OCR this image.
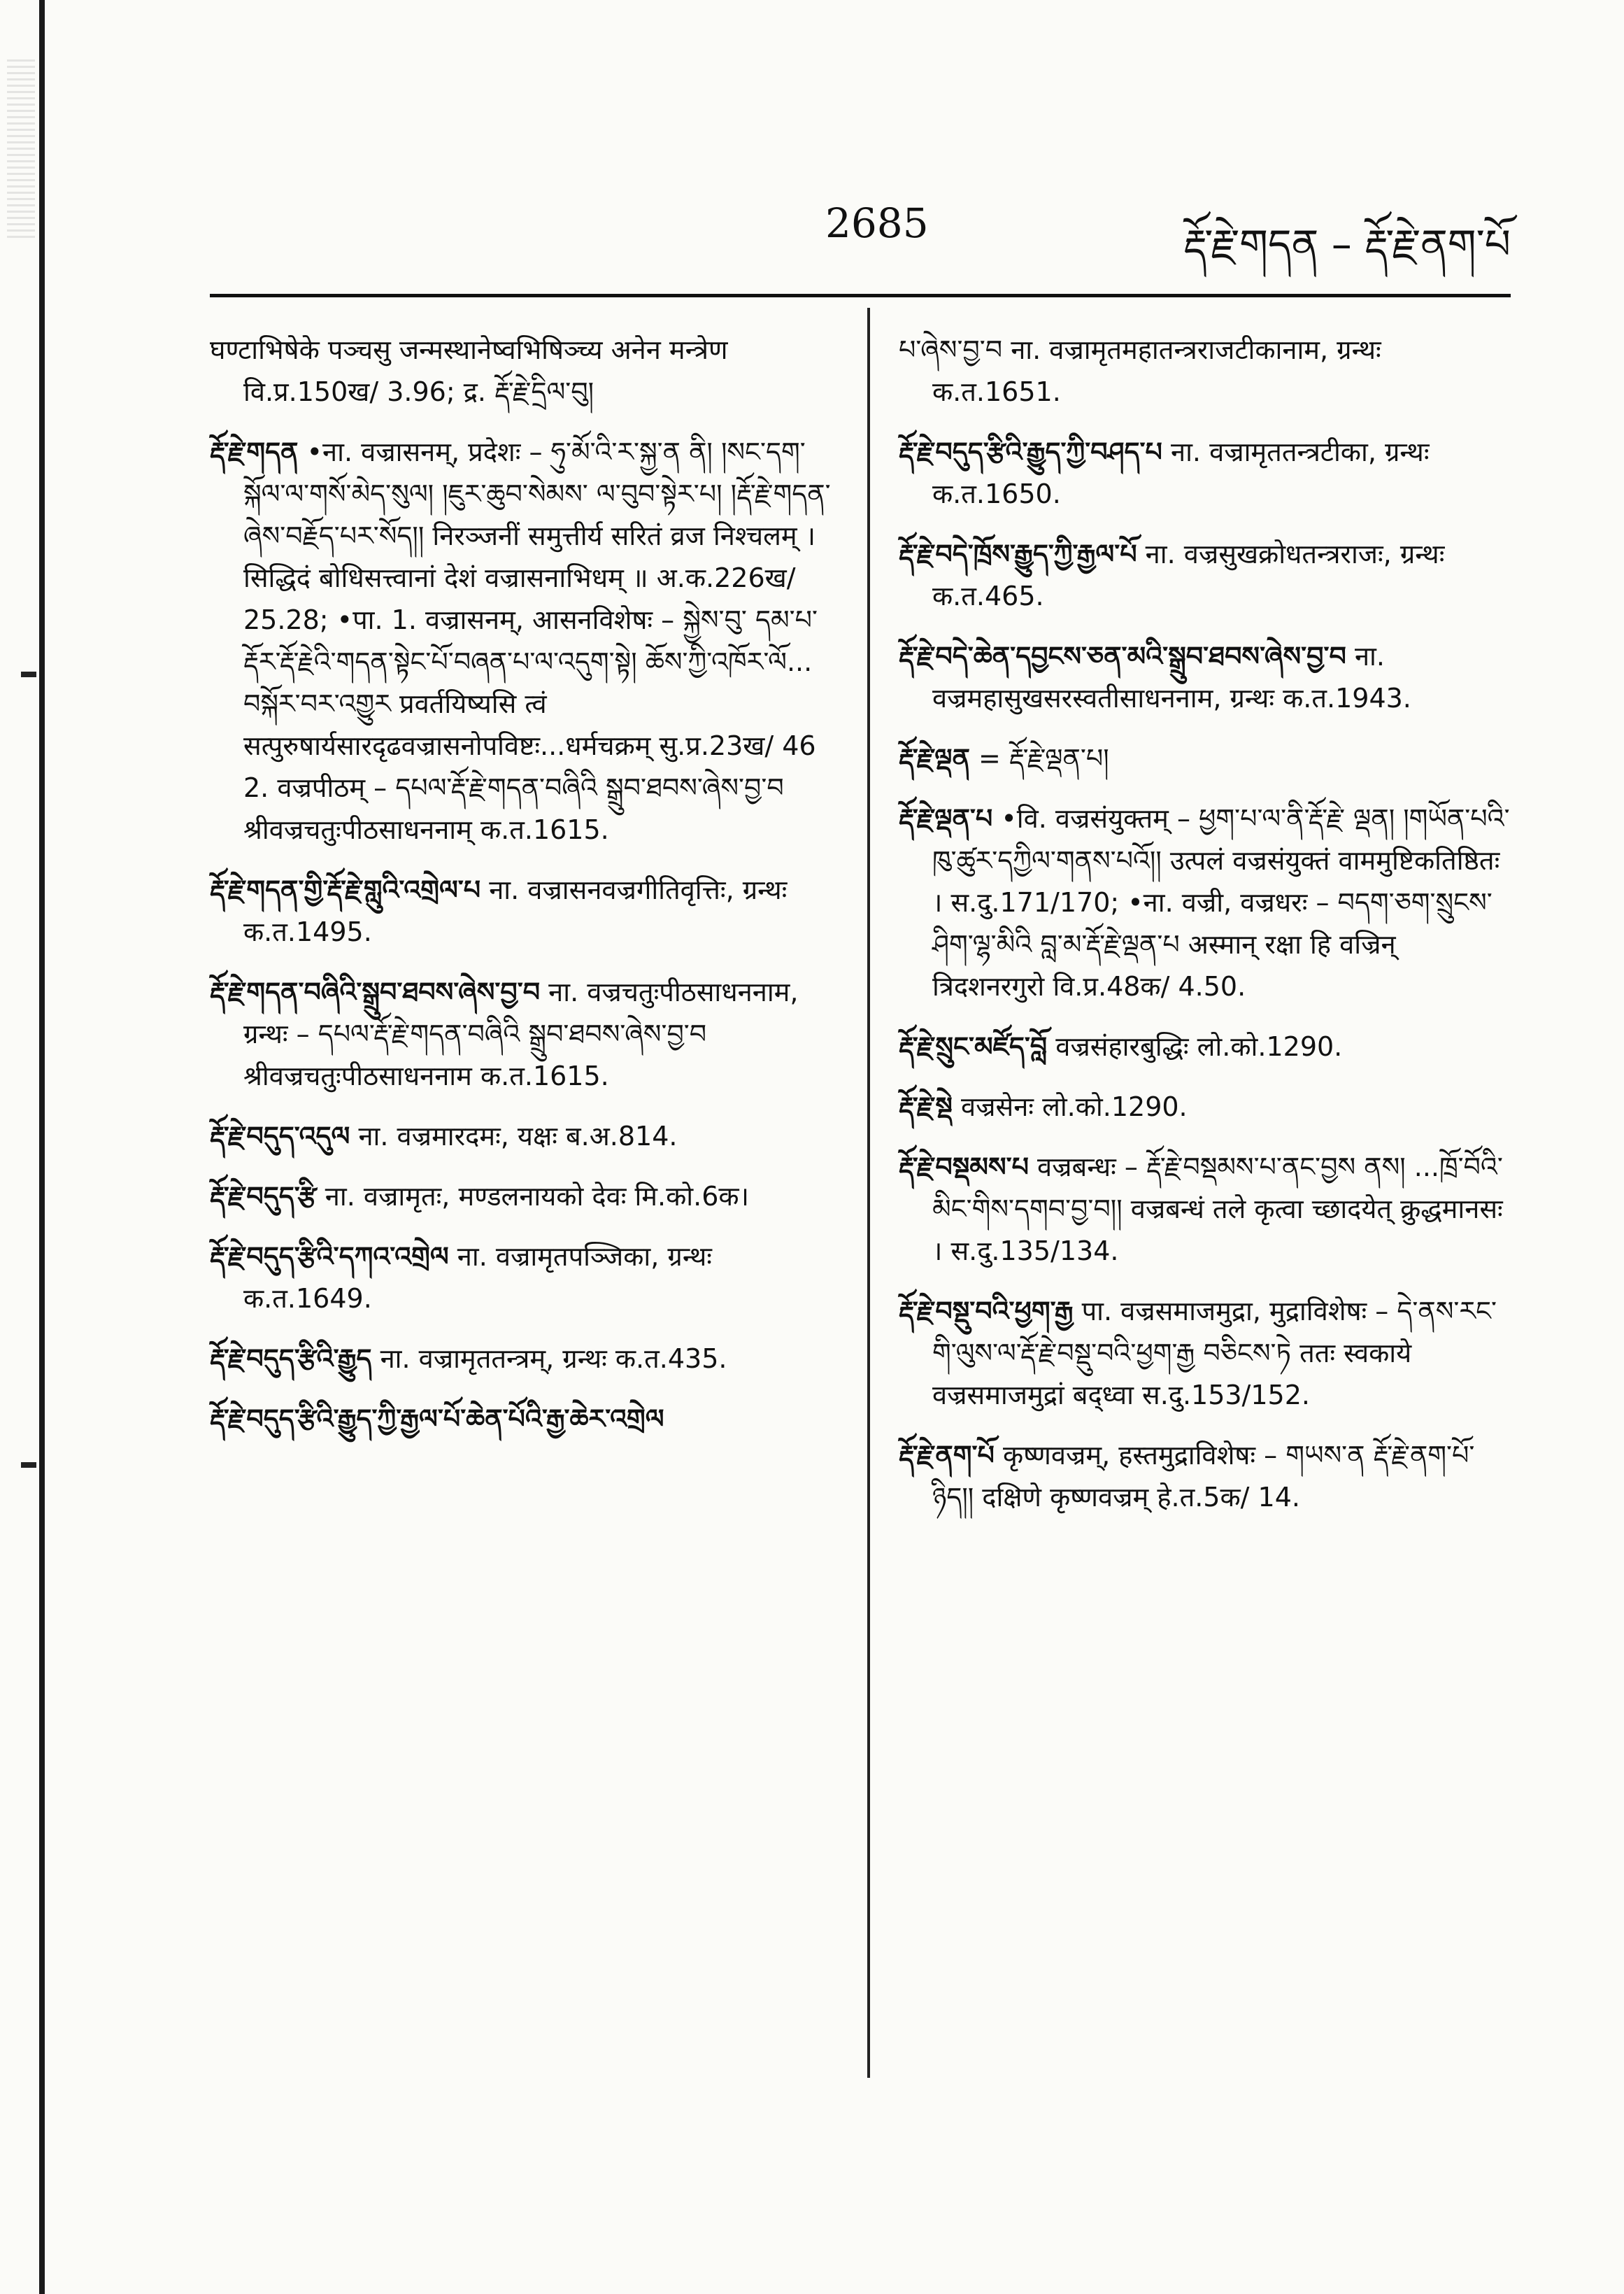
2685	རྡོ་རྗེ་གདན – རྡོ་རྗེ་ནག་པོ

घण्टाभिषेके पञ्चसु जन्मस्थानेष्वभिषिञ्च्य अनेन मन्त्रेण वि.प्र.150ख/ 3.96; द्र. རྡོ་རྗེ་དྲིལ་བུ།

རྡོ་རྗེ་གདན •ना. वज्रासनम्, प्रदेशः – ཧུ་མོ་འི་ར་སྐྱ་ན ནི། །སང་དག་སྐོལ་ལ་གསོ་མེད་སུལ། །ཇུར་ཆུབ་སེམས་ ལ་བུབ་སྟེར་པ། །རྡོ་རྗེ་གདན་ཞེས་བརྗོད་པར་སོད།། निरञ्जनीं समुत्तीर्य सरितं व्रज निश्चलम् । सिद्धिदं बोधिसत्त्वानां देशं वज्रासनाभिधम् ॥ अ.क.226ख/ 25.28; •पा. 1. वज्रासनम्, आसनविशेषः – སྐྱེས་བུ་ དམ་པ་རྡོར་རྡོ་རྗེའི་གདན་སྟེང་པོ་བཞན་པ་ལ་འདུག་སྟེ། ཆོས་ཀྱི་འཁོར་ལོ... བསྐོར་བར་འགྱུར प्रवर्तयिष्यसि त्वं सत्पुरुषार्यसारदृढवज्रासनोपविष्टः...धर्मचक्रम् सु.प्र.23ख/ 46 2. वज्रपीठम् – དཔལ་རྡོ་རྗེ་གདན་བཞིའི སྒྲུབ་ཐབས་ཞེས་བྱ་བ श्रीवज्रचतुःपीठसाधननाम् क.त.1615.

རྡོ་རྗེ་གདན་གྱི་རྡོ་རྗེ་གླུའི་འགྲེལ་པ ना. वज्रासनवज्रगीतिवृत्तिः, ग्रन्थः क.त.1495.

རྡོ་རྗེ་གདན་བཞིའི་སྒྲུབ་ཐབས་ཞེས་བྱ་བ ना. वज्रचतुःपीठसाधननाम, ग्रन्थः – དཔལ་རྡོ་རྗེ་གདན་བཞིའི སྒྲུབ་ཐབས་ཞེས་བྱ་བ श्रीवज्रचतुःपीठसाधननाम क.त.1615.

རྡོ་རྗེ་བདུད་འདུལ ना. वज्रमारदमः, यक्षः ब.अ.814.

རྡོ་རྗེ་བདུད་རྩི ना. वज्रामृतः, मण्डलनायको देवः मि.को.6क।

རྡོ་རྗེ་བདུད་རྩིའི་དཀའ་འགྲེལ ना. वज्रामृतपञ्जिका, ग्रन्थः क.त.1649.

རྡོ་རྗེ་བདུད་རྩིའི་རྒྱུད ना. वज्रामृततन्त्रम्, ग्रन्थः क.त.435.

རྡོ་རྗེ་བདུད་རྩིའི་རྒྱུད་ཀྱི་རྒྱལ་པོ་ཆེན་པོའི་རྒྱ་ཆེར་འགྲེལ

པ་ཞེས་བྱ་བ ना. वज्रामृतमहातन्त्रराजटीकानाम, ग्रन्थः क.त.1651.

རྡོ་རྗེ་བདུད་རྩིའི་རྒྱུད་ཀྱི་བཤད་པ ना. वज्रामृततन्त्रटीका, ग्रन्थः क.त.1650.

རྡོ་རྗེ་བདེ་ཁྲོས་རྒྱུད་ཀྱི་རྒྱལ་པོ ना. वज्रसुखक्रोधतन्त्रराजः, ग्रन्थः क.त.465.

རྡོ་རྗེ་བདེ་ཆེན་དབྱངས་ཅན་མའི་སྒྲུབ་ཐབས་ཞེས་བྱ་བ ना. वज्रमहासुखसरस्वतीसाधननाम, ग्रन्थः क.त.1943.

རྡོ་རྗེ་ལྡན = རྡོ་རྗེ་ལྡན་པ།

རྡོ་རྗེ་ལྡན་པ •वि. वज्रसंयुक्तम् – ཕྱག་པ་ལ་ནི་རྡོ་རྗེ་ ལྡན། །གཡོན་པའི་ཁུ་ཚུར་དཀྱིལ་གནས་པའོ།། उत्पलं वज्रसंयुक्तं वाममुष्टिकतिष्ठितः । स.दु.171/170; •ना. वज्री, वज्रधरः – བདག་ཅག་སྲུངས་ཤིག་ལྷ་མིའི བླ་མ་རྡོ་རྗེ་ལྡན་པ अस्मान् रक्षा हि वज्रिन् त्रिदशनरगुरो वि.प्र.48क/ 4.50.

རྡོ་རྗེ་སྲུང་མཛོད་བློ वज्रसंहारबुद्धिः लो.को.1290.

རྡོ་རྗེ་སྡེ वज्रसेनः लो.को.1290.

རྡོ་རྗེ་བསྡམས་པ वज्रबन्धः – རྡོ་རྗེ་བསྡམས་པ་ནང་བྱས ནས། ...ཁྲོ་བོའི་མིང་གིས་དགབ་བྱ་བ།། वज्रबन्धं तले कृत्वा च्छादयेत् क्रुद्धमानसः । स.दु.135/134.

རྡོ་རྗེ་བསྡུ་བའི་ཕྱག་རྒྱ पा. वज्रसमाजमुद्रा, मुद्राविशेषः – དེ་ནས་རང་གི་ལུས་ལ་རྡོ་རྗེ་བསྡུ་བའི་ཕྱག་རྒྱ བཅིངས་ཏེ ततः स्वकाये वज्रसमाजमुद्रां बद्ध्वा स.दु.153/152.

རྡོ་རྗེ་ནག་པོ कृष्णवज्रम्, हस्तमुद्राविशेषः – གཡས་ན རྡོ་རྗེ་ནག་པོ་ཉིད།། दक्षिणे कृष्णवज्रम् हे.त.5क/ 14.
